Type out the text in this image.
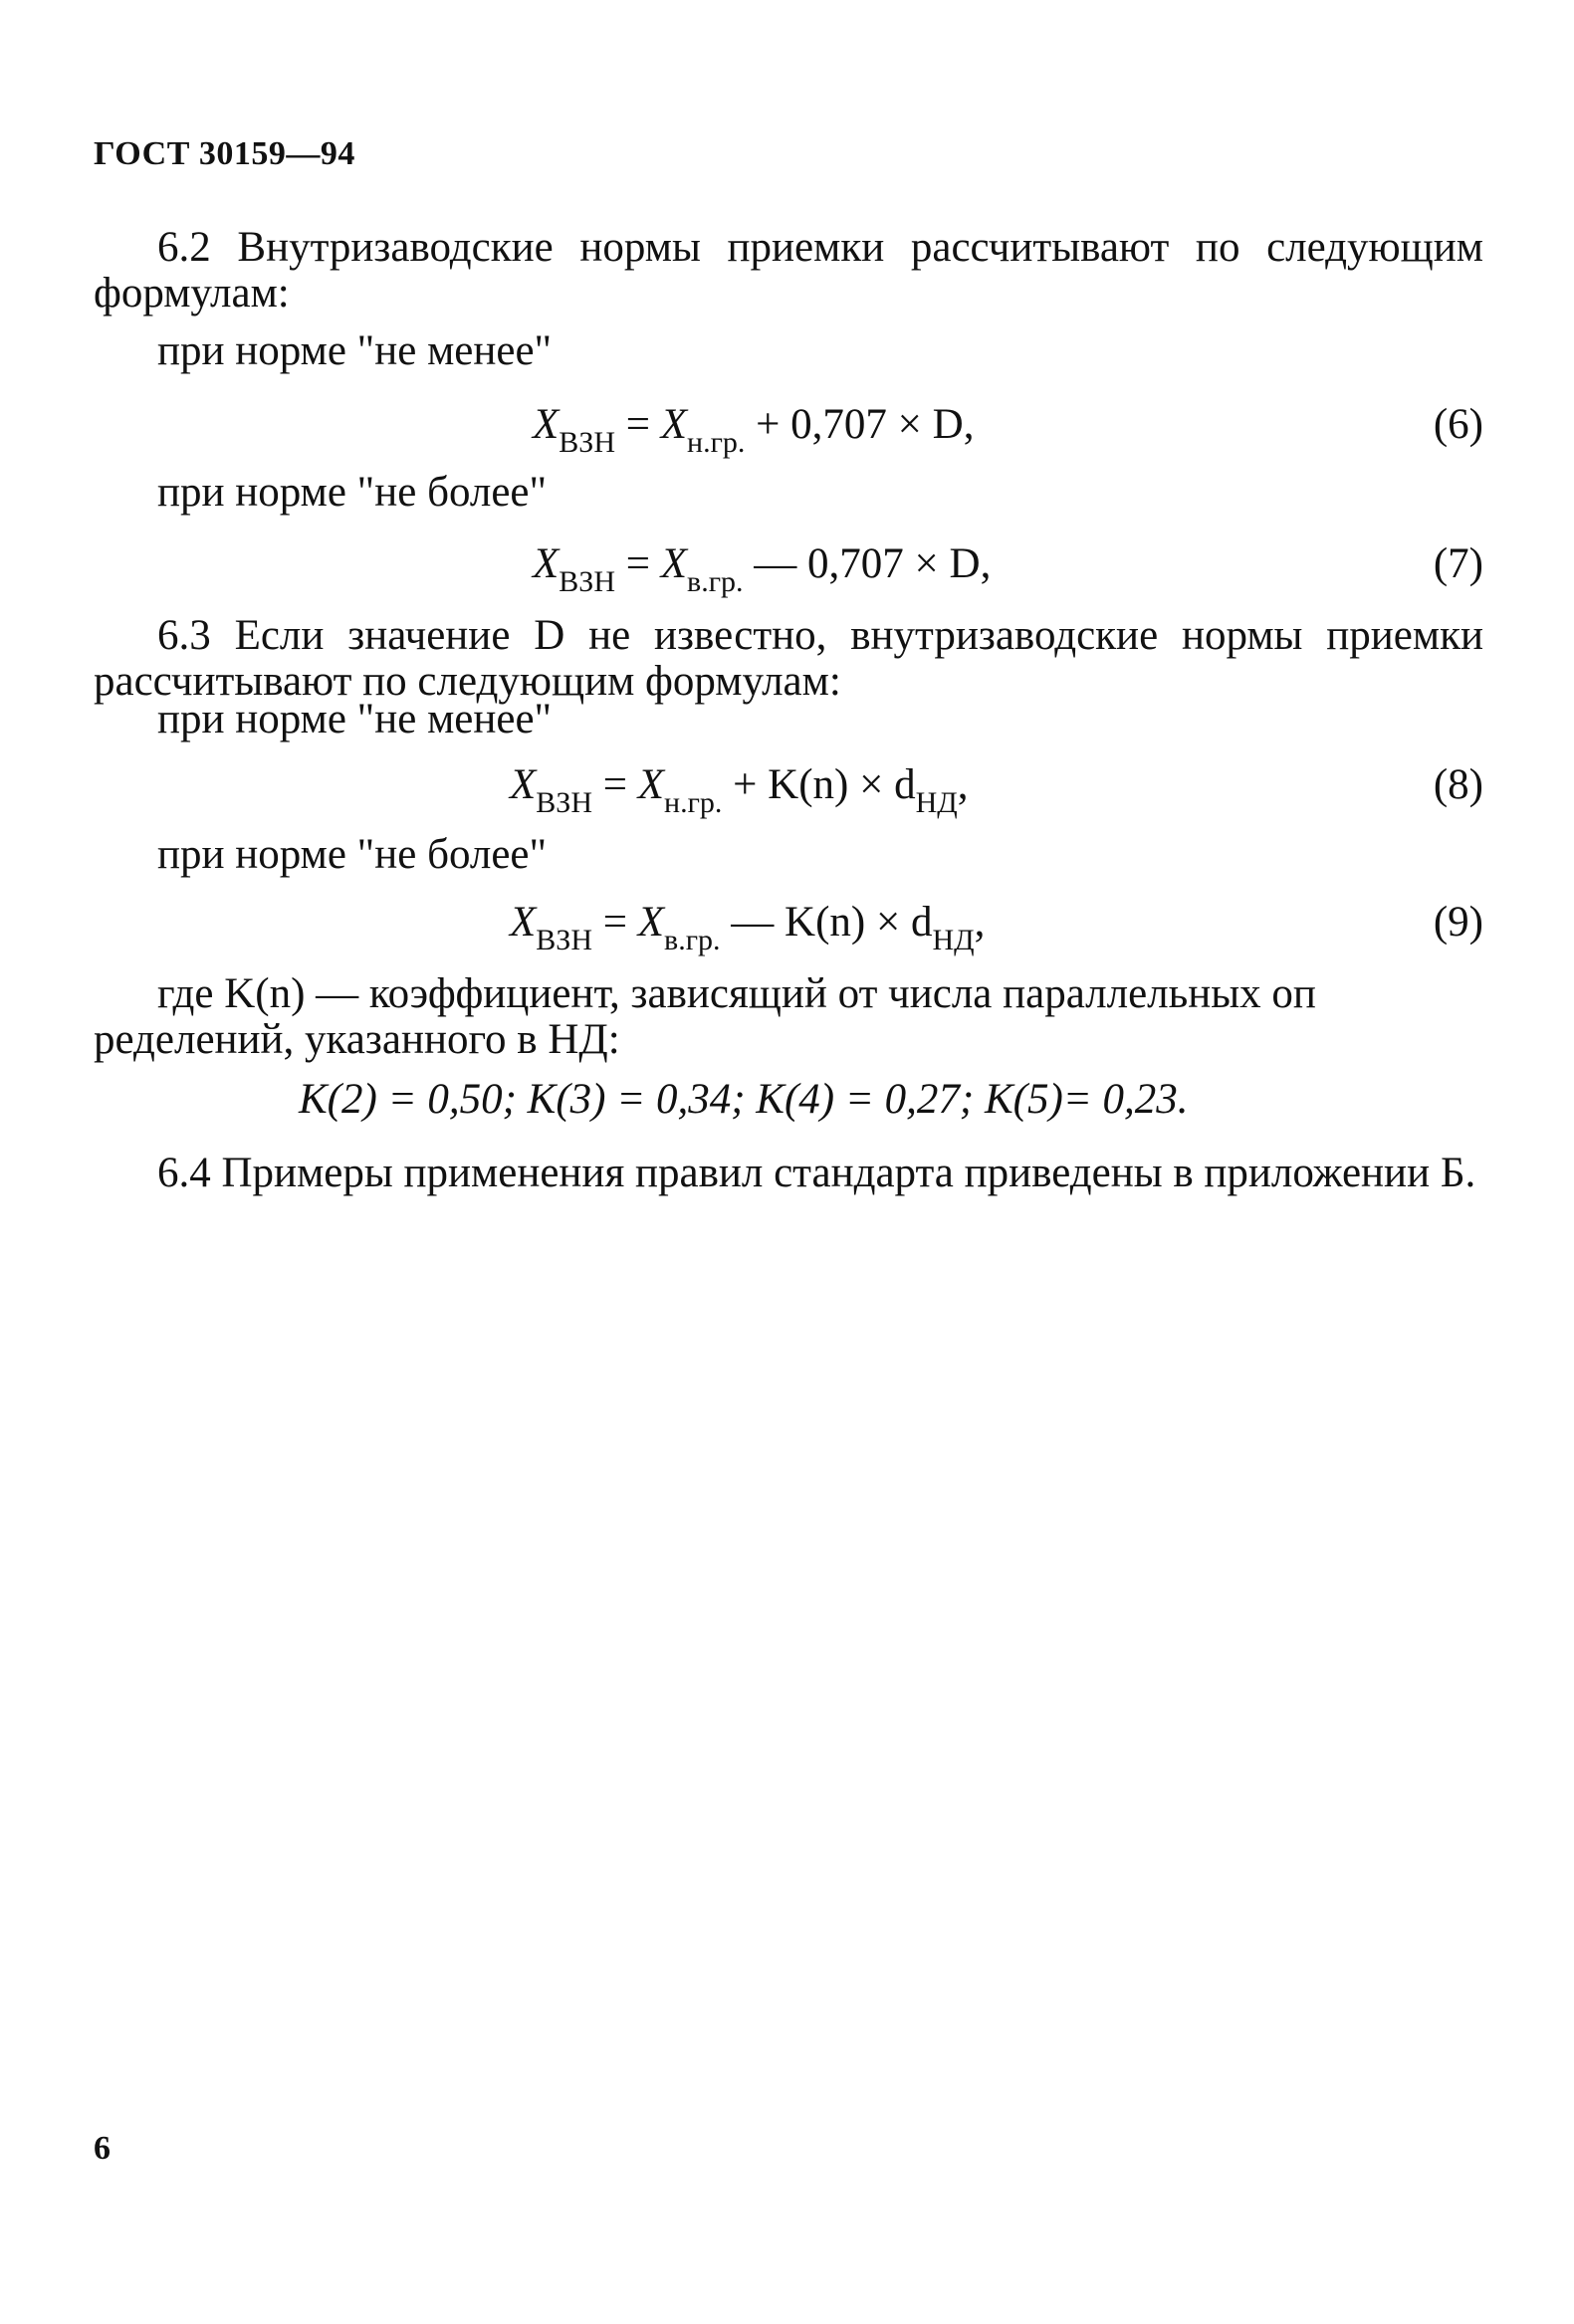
ГОСТ 30159—94

6.2 Внутризаводские нормы приемки рассчитывают по следующим формулам:

при норме "не менее"
$X_{ВЗН} = X_{н.гр.} + 0,707 \times D$,	(6)
при норме "не более"
$X_{ВЗН} = X_{в.гр.}$ — 0,707 × D,	(7)

6.3 Если значение D не известно, внутризаводские нормы приемки рассчитывают по следующим формулам:

при норме "не менее"
$X_{ВЗН} = X_{н.гр.} + K(n) \times d_{НД}$,	(8)
при норме "не более"
$X_{ВЗН} = X_{в.гр.}$ — $K(n) \times d_{НД}$,	(9)
где K(n) — коэффициент, зависящий от числа параллельных оп
ределений, указанного в НД:
K(2) = 0,50; K(3) = 0,34; K(4) = 0,27; K(5)= 0,23.

6.4 Примеры применения правил стандарта приведены в приложении Б.

6
